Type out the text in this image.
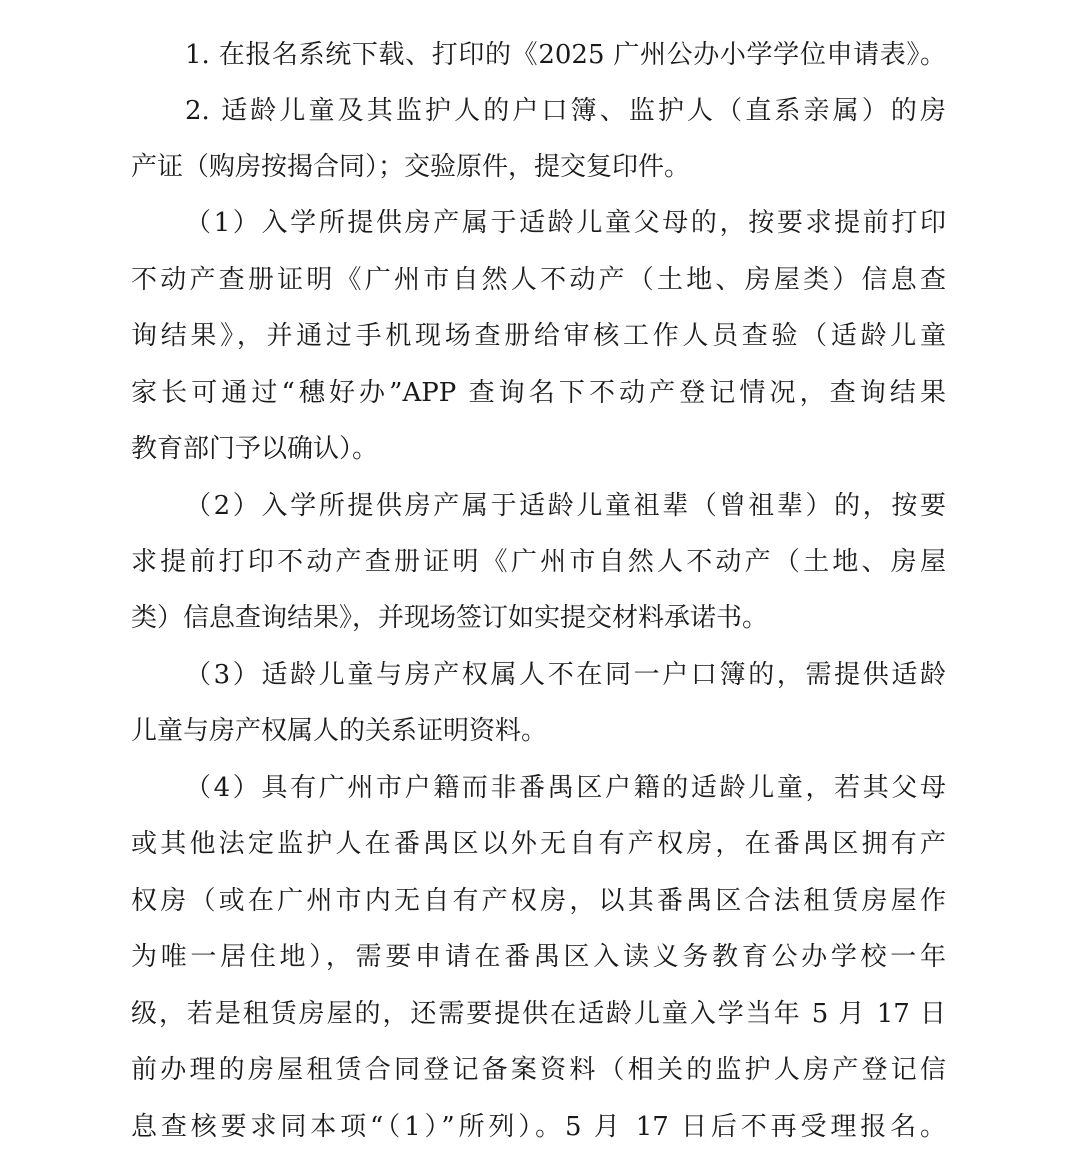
1. 在报名系统下载、打印的《2025 广州公办小学学位申请表》。
2. 适龄儿童及其监护人的户口簿、监护人（直系亲属）的房
产证（购房按揭合同）；交验原件，提交复印件。
（1）入学所提供房产属于适龄儿童父母的，按要求提前打印
不动产查册证明《广州市自然人不动产（土地、房屋类）信息查
询结果》，并通过手机现场查册给审核工作人员查验（适龄儿童
家长可通过“穗好办”APP 查询名下不动产登记情况，查询结果
教育部门予以确认）。
（2）入学所提供房产属于适龄儿童祖辈（曾祖辈）的，按要
求提前打印不动产查册证明《广州市自然人不动产（土地、房屋
类）信息查询结果》，并现场签订如实提交材料承诺书。
（3）适龄儿童与房产权属人不在同一户口簿的，需提供适龄
儿童与房产权属人的关系证明资料。
（4）具有广州市户籍而非番禺区户籍的适龄儿童，若其父母
或其他法定监护人在番禺区以外无自有产权房，在番禺区拥有产
权房（或在广州市内无自有产权房，以其番禺区合法租赁房屋作
为唯一居住地），需要申请在番禺区入读义务教育公办学校一年
级，若是租赁房屋的，还需要提供在适龄儿童入学当年 5 月 17 日
前办理的房屋租赁合同登记备案资料（相关的监护人房产登记信
息查核要求同本项“（1）”所列）。5 月 17 日后不再受理报名。
